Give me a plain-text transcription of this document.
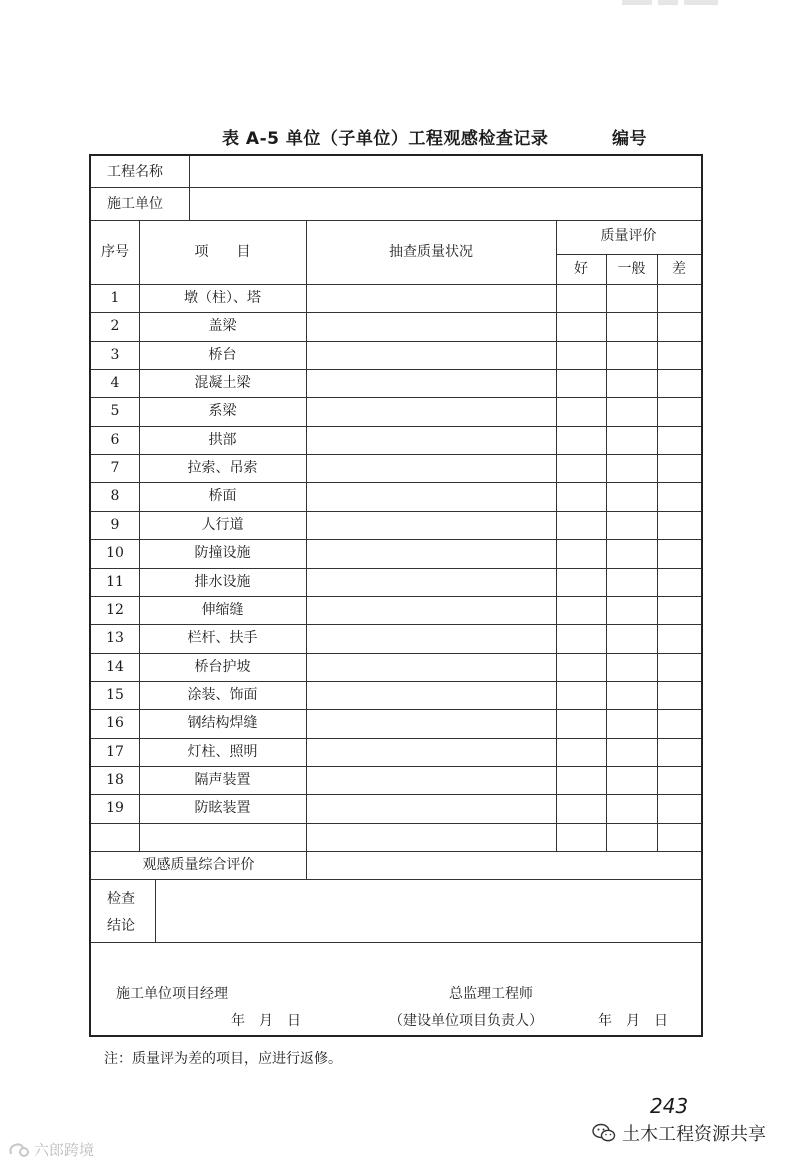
表 A-5 单位（子单位）工程观感检查记录	编号
工程名称
施工单位
序号	项　　目	抽查质量状况
质量评价
好	一般	差
1	墩（柱）、塔
2	盖梁
3	桥台
4	混凝土梁
5	系梁
6	拱部
7	拉索、吊索
8	桥面
9	人行道
10	防撞设施
11	排水设施
12	伸缩缝
13	栏杆、扶手
14	桥台护坡
15	涂装、饰面
16	钢结构焊缝
17	灯柱、照明
18	隔声装置
19	防眩装置
观感质量综合评价
检查
结论
施工单位项目经理
年　月　日
总监理工程师
（建设单位项目负责人）	年　月　日
注：质量评为差的项目，应进行返修。
243
土木工程资源共享
六郎跨境
